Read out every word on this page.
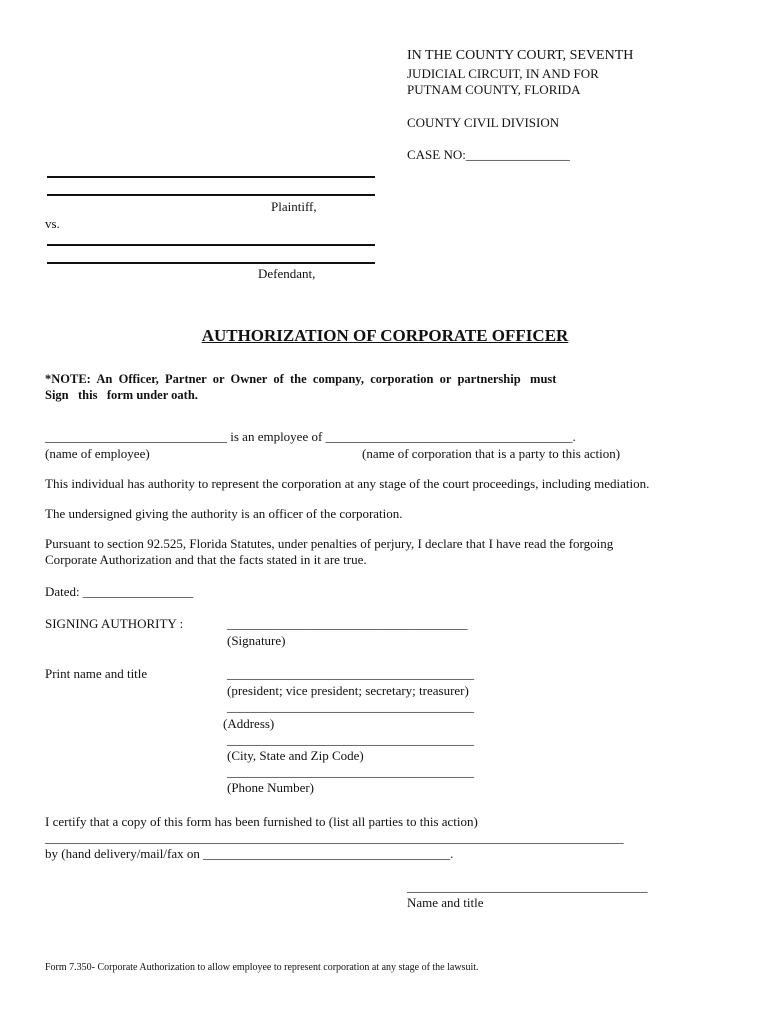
IN THE COUNTY COURT, SEVENTH
JUDICIAL CIRCUIT, IN AND FOR
PUTNAM COUNTY, FLORIDA
COUNTY CIVIL DIVISION
CASE NO:________________
Plaintiff,
vs.
Defendant,
AUTHORIZATION OF CORPORATE OFFICER
*NOTE:  An  Officer,  Partner  or  Owner  of  the  company,  corporation  or  partnership   must
Sign   this   form under oath.
____________________________ is an employee of ______________________________________.
(name of employee)	(name of corporation that is a party to this action)
This individual has authority to represent the corporation at any stage of the court proceedings, including mediation.
The undersigned giving the authority is an officer of the corporation.
Pursuant to section 92.525, Florida Statutes, under penalties of perjury, I declare that I have read the forgoing
Corporate Authorization and that the facts stated in it are true.
Dated: _________________
SIGNING AUTHORITY :	_____________________________________
(Signature)
Print name and title	______________________________________
(president; vice president; secretary; treasurer)
______________________________________
(Address)
______________________________________
(City, State and Zip Code)
______________________________________
(Phone Number)
I certify that a copy of this form has been furnished to (list all parties to this action)
_________________________________________________________________________________________
by (hand delivery/mail/fax on ______________________________________.
_____________________________________
Name and title
Form 7.350- Corporate Authorization to allow employee to represent corporation at any stage of the lawsuit.
